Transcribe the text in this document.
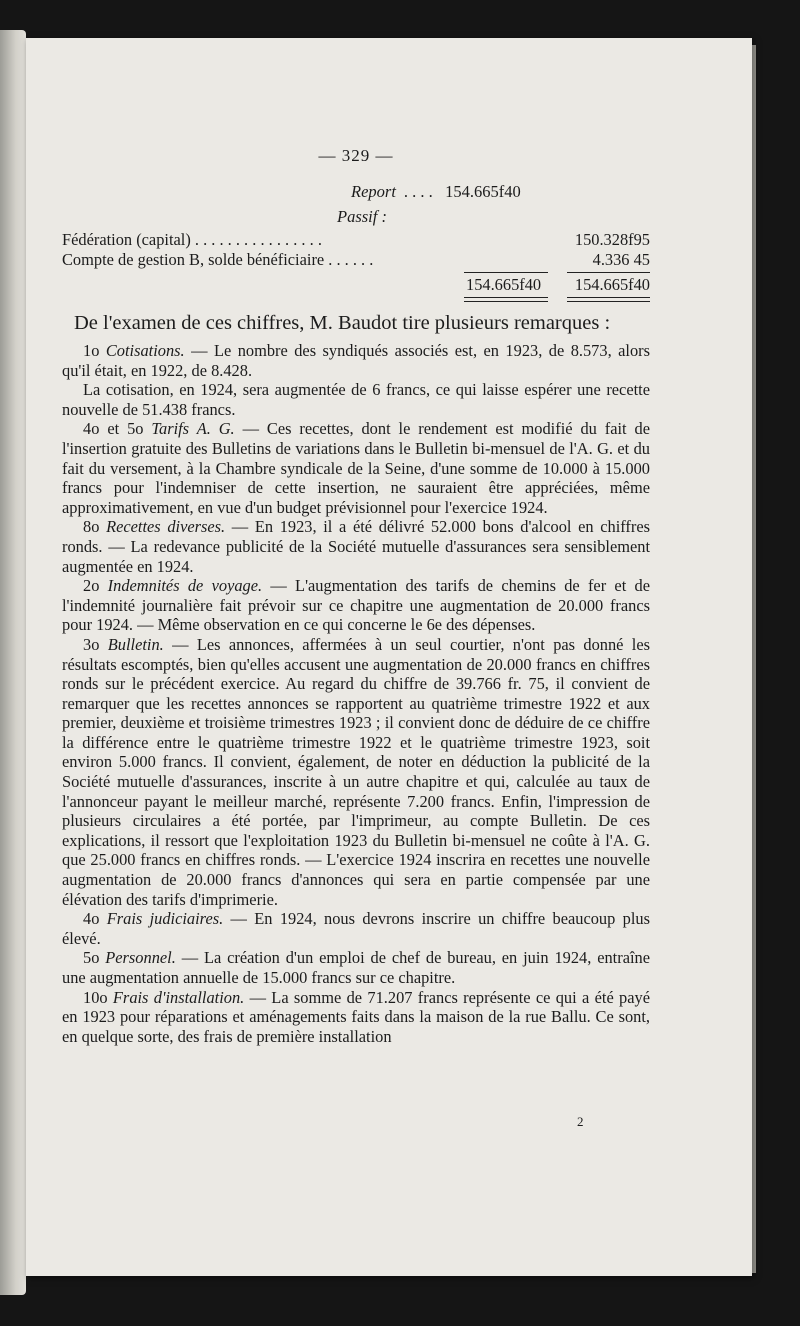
— 329 —
Report . . . . 154.665f40
Passif :
Fédération (capital) . . . . . . . . . . . . . . . .	150.328f95
Compte de gestion B, solde bénéficiaire . . . . . .	4.336 45
154.665f40 154.665f40
De l'examen de ces chiffres, M. Baudot tire plusieurs remarques :

1o Cotisations. — Le nombre des syndiqués associés est, en 1923, de 8.573, alors qu'il était, en 1922, de 8.428.

La cotisation, en 1924, sera augmentée de 6 francs, ce qui laisse espérer une recette nouvelle de 51.438 francs.

4o et 5o Tarifs A. G. — Ces recettes, dont le rendement est modifié du fait de l'insertion gratuite des Bulletins de variations dans le Bulletin bi-mensuel de l'A. G. et du fait du versement, à la Chambre syndicale de la Seine, d'une somme de 10.000 à 15.000 francs pour l'indemniser de cette insertion, ne sauraient être appréciées, même approximativement, en vue d'un budget prévisionnel pour l'exercice 1924.

8o Recettes diverses. — En 1923, il a été délivré 52.000 bons d'alcool en chiffres ronds. — La redevance publicité de la Société mutuelle d'assurances sera sensiblement augmentée en 1924.

2o Indemnités de voyage. — L'augmentation des tarifs de chemins de fer et de l'indemnité journalière fait prévoir sur ce chapitre une augmentation de 20.000 francs pour 1924. — Même observation en ce qui concerne le 6e des dépenses.

3o Bulletin. — Les annonces, affermées à un seul courtier, n'ont pas donné les résultats escomptés, bien qu'elles accusent une augmentation de 20.000 francs en chiffres ronds sur le précédent exercice. Au regard du chiffre de 39.766 fr. 75, il convient de remarquer que les recettes annonces se rapportent au quatrième trimestre 1922 et aux premier, deuxième et troisième trimestres 1923 ; il convient donc de déduire de ce chiffre la différence entre le quatrième trimestre 1922 et le quatrième trimestre 1923, soit environ 5.000 francs. Il convient, également, de noter en déduction la publicité de la Société mutuelle d'assurances, inscrite à un autre chapitre et qui, calculée au taux de l'annonceur payant le meilleur marché, représente 7.200 francs. Enfin, l'impression de plusieurs circulaires a été portée, par l'imprimeur, au compte Bulletin. De ces explications, il ressort que l'exploitation 1923 du Bulletin bi-mensuel ne coûte à l'A. G. que 25.000 francs en chiffres ronds. — L'exercice 1924 inscrira en recettes une nouvelle augmentation de 20.000 francs d'annonces qui sera en partie compensée par une élévation des tarifs d'imprimerie.

4o Frais judiciaires. — En 1924, nous devrons inscrire un chiffre beaucoup plus élevé.

5o Personnel. — La création d'un emploi de chef de bureau, en juin 1924, entraîne une augmentation annuelle de 15.000 francs sur ce chapitre.

10o Frais d'installation. — La somme de 71.207 francs représente ce qui a été payé en 1923 pour réparations et aménagements faits dans la maison de la rue Ballu. Ce sont, en quelque sorte, des frais de première installation

2
